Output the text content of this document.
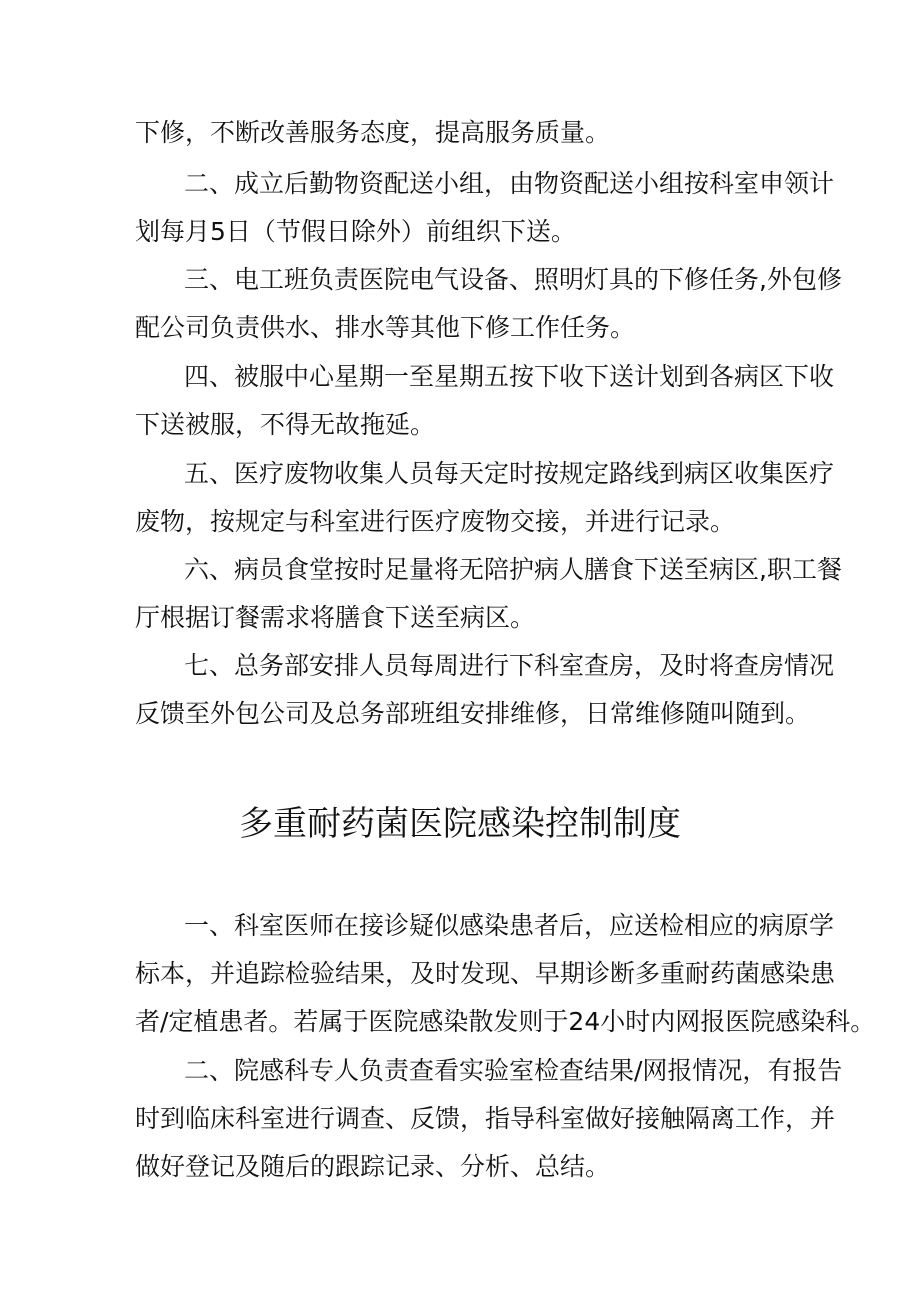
下修，不断改善服务态度，提高服务质量。
二、成立后勤物资配送小组，由物资配送小组按科室申领计
划每月5日（节假日除外）前组织下送。
三、电工班负责医院电气设备、照明灯具的下修任务,外包修
配公司负责供水、排水等其他下修工作任务。
四、被服中心星期一至星期五按下收下送计划到各病区下收
下送被服，不得无故拖延。
五、医疗废物收集人员每天定时按规定路线到病区收集医疗
废物，按规定与科室进行医疗废物交接，并进行记录。
六、病员食堂按时足量将无陪护病人膳食下送至病区,职工餐
厅根据订餐需求将膳食下送至病区。
七、总务部安排人员每周进行下科室查房，及时将查房情况
反馈至外包公司及总务部班组安排维修，日常维修随叫随到。
多重耐药菌医院感染控制制度
一、科室医师在接诊疑似感染患者后，应送检相应的病原学
标本，并追踪检验结果，及时发现、早期诊断多重耐药菌感染患
者/定植患者。若属于医院感染散发则于24小时内网报医院感染科。
二、院感科专人负责查看实验室检查结果/网报情况，有报告
时到临床科室进行调查、反馈，指导科室做好接触隔离工作，并
做好登记及随后的跟踪记录、分析、总结。
